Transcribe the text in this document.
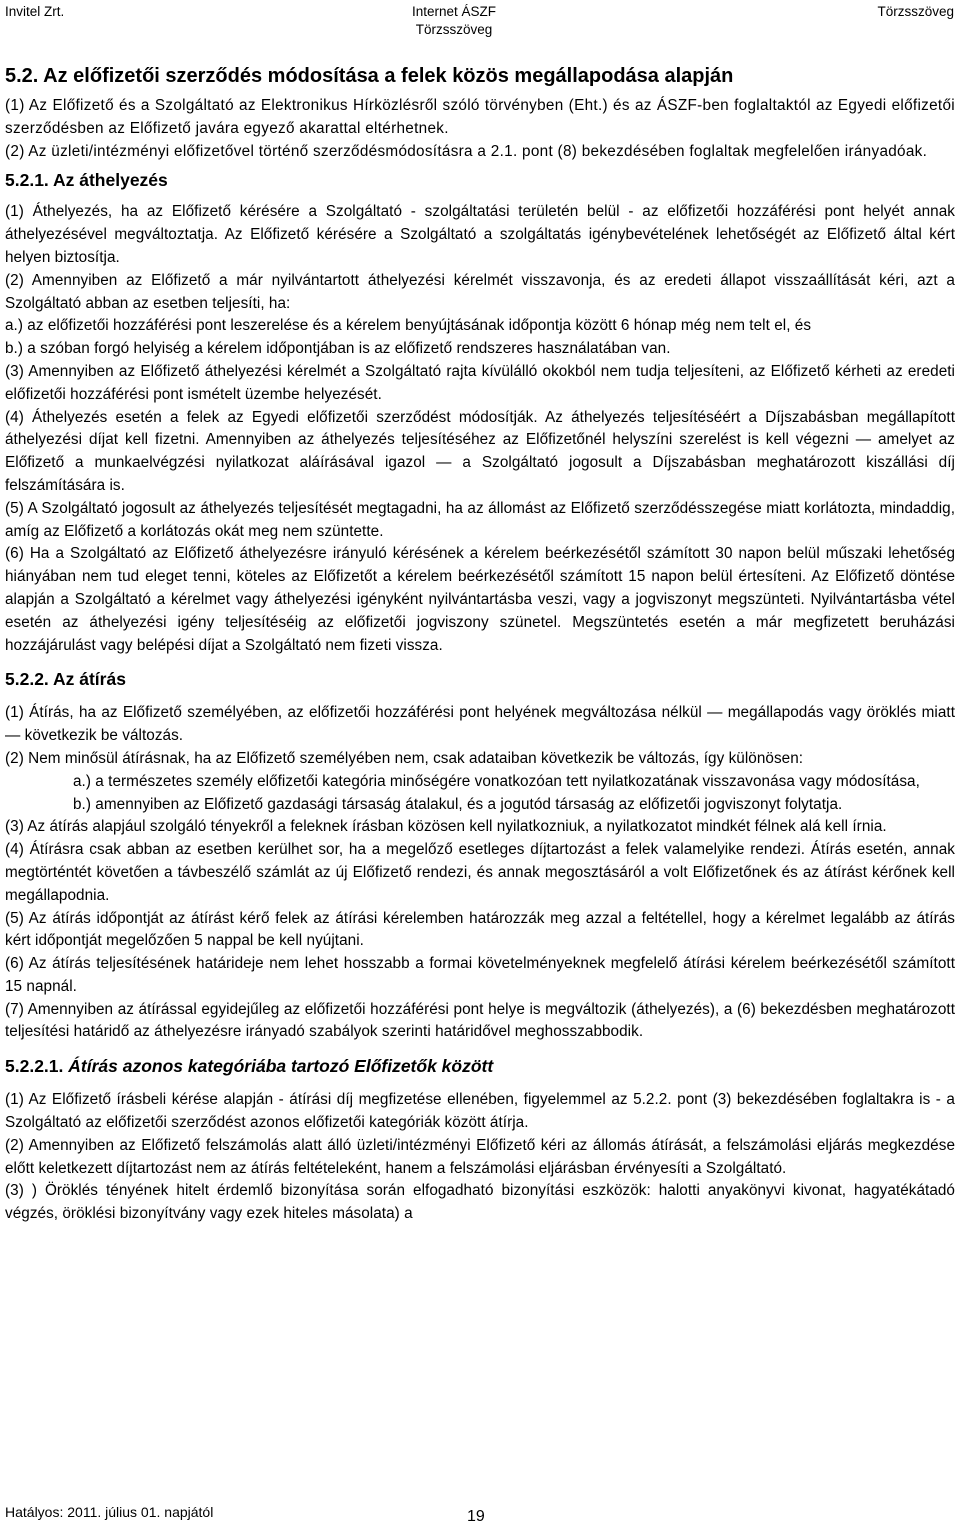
Invitel Zrt.	Internet ÁSZF
Törzsszöveg
Törzsszöveg
5.2. Az előfizetői szerződés módosítása a felek közös megállapodása alapján

(1) Az Előfizető és a Szolgáltató az Elektronikus Hírközlésről szóló törvényben (Eht.) és az ÁSZF-ben foglaltaktól az Egyedi előfizetői szerződésben az Előfizető javára egyező akarattal eltérhetnek.

(2) Az üzleti/intézményi előfizetővel történő szerződésmódosításra a 2.1. pont (8) bekezdésében foglaltak megfelelően irányadóak.

5.2.1. Az áthelyezés

(1) Áthelyezés, ha az Előfizető kérésére a Szolgáltató - szolgáltatási területén belül - az előfizetői hozzáférési pont helyét annak áthelyezésével megváltoztatja. Az Előfizető kérésére a Szolgáltató a szolgáltatás igénybevételének lehetőségét az Előfizető által kért helyen biztosítja.

(2) Amennyiben az Előfizető a már nyilvántartott áthelyezési kérelmét visszavonja, és az eredeti állapot visszaállítását kéri, azt a Szolgáltató abban az esetben teljesíti, ha:

a.) az előfizetői hozzáférési pont leszerelése és a kérelem benyújtásának időpontja között 6 hónap még nem telt el, és

b.) a szóban forgó helyiség a kérelem időpontjában is az előfizető rendszeres használatában van.

(3) Amennyiben az Előfizető áthelyezési kérelmét a Szolgáltató rajta kívülálló okokból nem tudja teljesíteni, az Előfizető kérheti az eredeti előfizetői hozzáférési pont ismételt üzembe helyezését.

(4) Áthelyezés esetén a felek az Egyedi előfizetői szerződést módosítják. Az áthelyezés teljesítéséért a Díjszabásban megállapított áthelyezési díjat kell fizetni. Amennyiben az áthelyezés teljesítéséhez az Előfizetőnél helyszíni szerelést is kell végezni — amelyet az Előfizető a munkaelvégzési nyilatkozat aláírásával igazol — a Szolgáltató jogosult a Díjszabásban meghatározott kiszállási díj felszámítására is.

(5) A Szolgáltató jogosult az áthelyezés teljesítését megtagadni, ha az állomást az Előfizető szerződésszegése miatt korlátozta, mindaddig, amíg az Előfizető a korlátozás okát meg nem szüntette.

(6) Ha a Szolgáltató az Előfizető áthelyezésre irányuló kérésének a kérelem beérkezésétől számított 30 napon belül műszaki lehetőség hiányában nem tud eleget tenni, köteles az Előfizetőt a kérelem beérkezésétől számított 15 napon belül értesíteni. Az Előfizető döntése alapján a Szolgáltató a kérelmet vagy áthelyezési igényként nyilvántartásba veszi, vagy a jogviszonyt megszünteti. Nyilvántartásba vétel esetén az áthelyezési igény teljesítéséig az előfizetői jogviszony szünetel. Megszüntetés esetén a már megfizetett beruházási hozzájárulást vagy belépési díjat a Szolgáltató nem fizeti vissza.

5.2.2. Az átírás

(1) Átírás, ha az Előfizető személyében, az előfizetői hozzáférési pont helyének megváltozása nélkül — megállapodás vagy öröklés miatt — következik be változás.

(2) Nem minősül átírásnak, ha az Előfizető személyében nem, csak adataiban következik be változás, így különösen:

a.) a természetes személy előfizetői kategória minőségére vonatkozóan tett nyilatkozatának visszavonása vagy módosítása,

b.) amennyiben az Előfizető gazdasági társaság átalakul, és a jogutód társaság az előfizetői jogviszonyt folytatja.

(3) Az átírás alapjául szolgáló tényekről a feleknek írásban közösen kell nyilatkozniuk, a nyilatkozatot mindkét félnek alá kell írnia.

(4) Átírásra csak abban az esetben kerülhet sor, ha a megelőző esetleges díjtartozást a felek valamelyike rendezi. Átírás esetén, annak megtörténtét követően a távbeszélő számlát az új Előfizető rendezi, és annak megosztásáról a volt Előfizetőnek és az átírást kérőnek kell megállapodnia.

(5) Az átírás időpontját az átírást kérő felek az átírási kérelemben határozzák meg azzal a feltétellel, hogy a kérelmet legalább az átírás kért időpontját megelőzően 5 nappal be kell nyújtani.

(6) Az átírás teljesítésének határideje nem lehet hosszabb a formai követelményeknek megfelelő átírási kérelem beérkezésétől számított 15 napnál.

(7) Amennyiben az átírással egyidejűleg az előfizetői hozzáférési pont helye is megváltozik (áthelyezés), a (6) bekezdésben meghatározott teljesítési határidő az áthelyezésre irányadó szabályok szerinti határidővel meghosszabbodik.

5.2.2.1. Átírás azonos kategóriába tartozó Előfizetők között

(1) Az Előfizető írásbeli kérése alapján - átírási díj megfizetése ellenében, figyelemmel az 5.2.2. pont (3) bekezdésében foglaltakra is - a Szolgáltató az előfizetői szerződést azonos előfizetői kategóriák között átírja.

(2) Amennyiben az Előfizető felszámolás alatt álló üzleti/intézményi Előfizető kéri az állomás átírását, a felszámolási eljárás megkezdése előtt keletkezett díjtartozást nem az átírás feltételeként, hanem a felszámolási eljárásban érvényesíti a Szolgáltató.

(3) ) Öröklés tényének hitelt érdemlő bizonyítása során elfogadható bizonyítási eszközök: halotti anyakönyvi kivonat, hagyatékátadó végzés, öröklési bizonyítvány vagy ezek hiteles másolata) a

Hatályos: 2011. július 01. napjától	19
